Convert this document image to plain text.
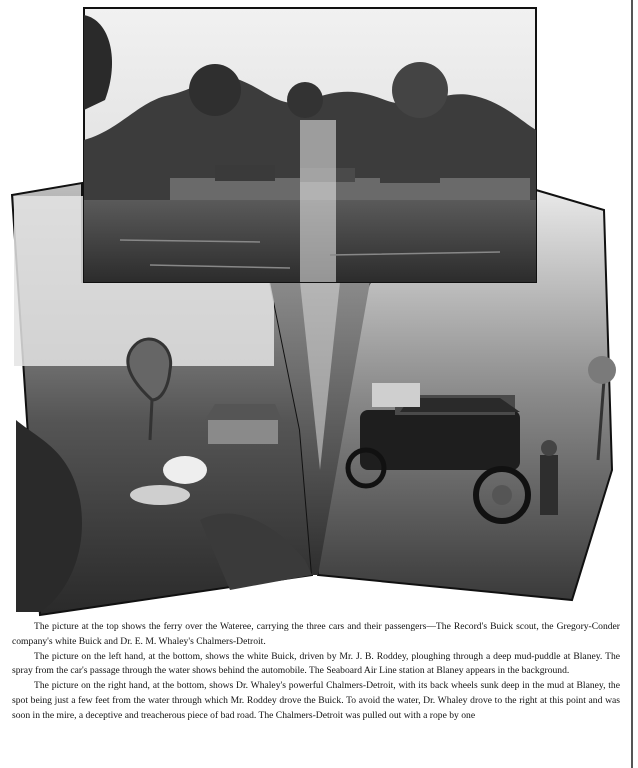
The picture at the top shows the ferry over the Wateree, carrying the three cars and their passengers—The Record's Buick scout, the Gregory-Conder company's white Buick and Dr. E. M. Whaley's Chalmers-Detroit.

The picture on the left hand, at the bottom, shows the white Buick, driven by Mr. J. B. Roddey, ploughing through a deep mud-puddle at Blaney. The spray from the car's passage through the water shows behind the automobile. The Seaboard Air Line station at Blaney appears in the background.

The picture on the right hand, at the bottom, shows Dr. Whaley's powerful Chalmers-Detroit, with its back wheels sunk deep in the mud at Blaney, the spot being just a few feet from the water through which Mr. Roddey drove the Buick. To avoid the water, Dr. Whaley drove to the right at this point and was soon in the mire, a deceptive and treacherous piece of bad road. The Chalmers-Detroit was pulled out with a rope by one
